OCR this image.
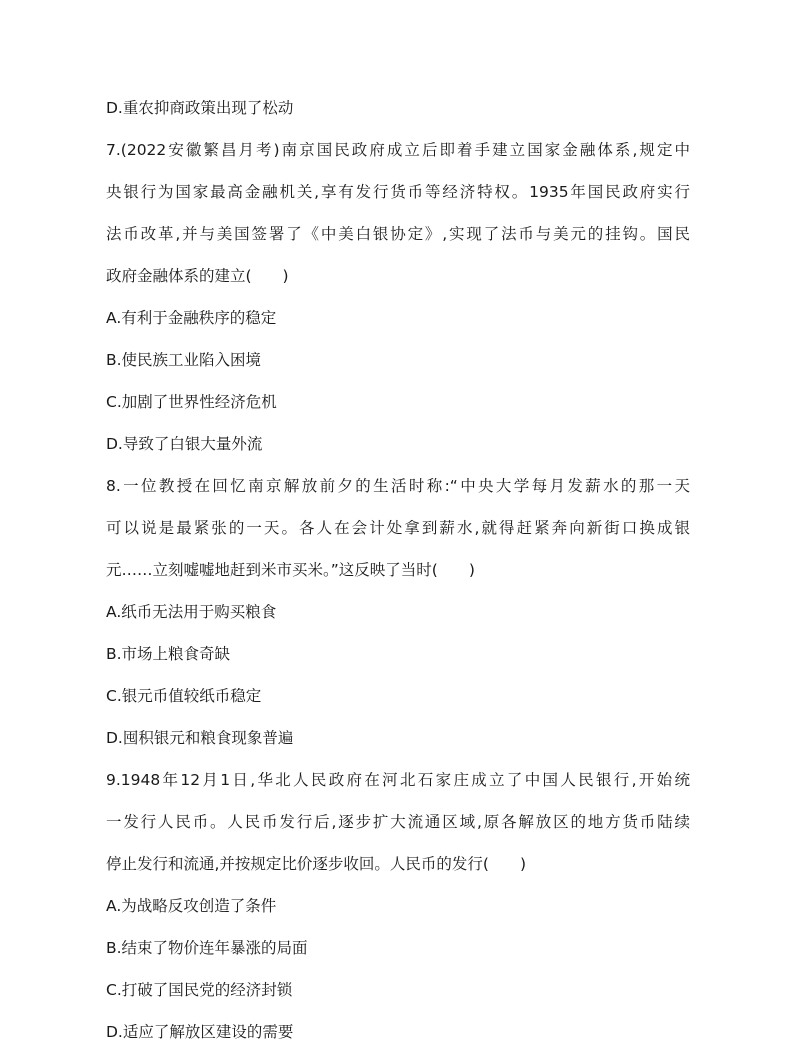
D.重农抑商政策出现了松动
7.(2022安徽繁昌月考)南京国民政府成立后即着手建立国家金融体系,规定中
央银行为国家最高金融机关,享有发行货币等经济特权。1935年国民政府实行
法币改革,并与美国签署了《中美白银协定》,实现了法币与美元的挂钩。国民
政府金融体系的建立(　　)
A.有利于金融秩序的稳定
B.使民族工业陷入困境
C.加剧了世界性经济危机
D.导致了白银大量外流
8.一位教授在回忆南京解放前夕的生活时称:“中央大学每月发薪水的那一天
可以说是最紧张的一天。各人在会计处拿到薪水,就得赶紧奔向新街口换成银
元……立刻嘘嘘地赶到米市买米。”这反映了当时(　　)
A.纸币无法用于购买粮食
B.市场上粮食奇缺
C.银元币值较纸币稳定
D.囤积银元和粮食现象普遍
9.1948年12月1日,华北人民政府在河北石家庄成立了中国人民银行,开始统
一发行人民币。人民币发行后,逐步扩大流通区域,原各解放区的地方货币陆续
停止发行和流通,并按规定比价逐步收回。人民币的发行(　　)
A.为战略反攻创造了条件
B.结束了物价连年暴涨的局面
C.打破了国民党的经济封锁
D.适应了解放区建设的需要
